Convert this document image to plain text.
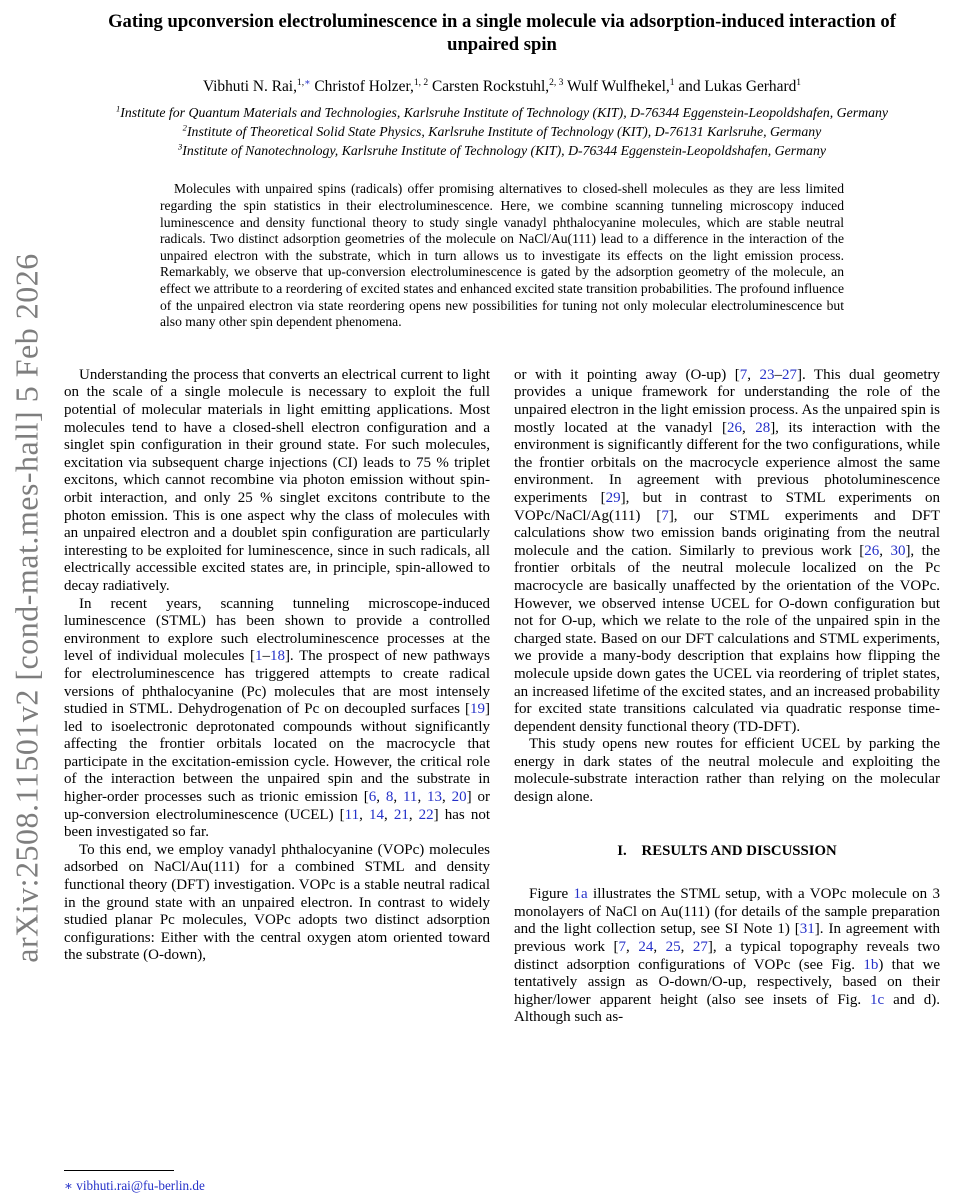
arXiv:2508.11501v2 [cond-mat.mes-hall] 5 Feb 2026
Gating upconversion electroluminescence in a single molecule via adsorption-induced interaction of unpaired spin
Vibhuti N. Rai,$^{1,∗}$ Christof Holzer,$^{1, 2}$ Carsten Rockstuhl,$^{2, 3}$ Wulf Wulfhekel,$^1$ and Lukas Gerhard$^1$
$^1$Institute for Quantum Materials and Technologies, Karlsruhe Institute of Technology (KIT), D-76344 Eggenstein-Leopoldshafen, Germany
$^2$Institute of Theoretical Solid State Physics, Karlsruhe Institute of Technology (KIT), D-76131 Karlsruhe, Germany
$^3$Institute of Nanotechnology, Karlsruhe Institute of Technology (KIT), D-76344 Eggenstein-Leopoldshafen, Germany
Molecules with unpaired spins (radicals) offer promising alternatives to closed-shell molecules as they are less limited regarding the spin statistics in their electroluminescence. Here, we combine scanning tunneling microscopy induced luminescence and density functional theory to study single vanadyl phthalocyanine molecules, which are stable neutral radicals. Two distinct adsorption geometries of the molecule on NaCl/Au(111) lead to a difference in the interaction of the unpaired electron with the substrate, which in turn allows us to investigate its effects on the light emission process. Remarkably, we observe that up-conversion electroluminescence is gated by the adsorption geometry of the molecule, an effect we attribute to a reordering of excited states and enhanced excited state transition probabilities. The profound influence of the unpaired electron via state reordering opens new possibilities for tuning not only molecular electroluminescence but also many other spin dependent phenomena.

Understanding the process that converts an electrical current to light on the scale of a single molecule is necessary to exploit the full potential of molecular materials in light emitting applications. Most molecules tend to have a closed-shell electron configuration and a singlet spin configuration in their ground state. For such molecules, excitation via subsequent charge injections (CI) leads to 75 % triplet excitons, which cannot recombine via photon emission without spin-orbit interaction, and only 25 % singlet excitons contribute to the photon emission. This is one aspect why the class of molecules with an unpaired electron and a doublet spin configuration are particularly interesting to be exploited for luminescence, since in such radicals, all electrically accessible excited states are, in principle, spin-allowed to decay radiatively.

In recent years, scanning tunneling microscope-induced luminescence (STML) has been shown to provide a controlled environment to explore such electroluminescence processes at the level of individual molecules [1–18]. The prospect of new pathways for electroluminescence has triggered attempts to create radical versions of phthalocyanine (Pc) molecules that are most intensely studied in STML. Dehydrogenation of Pc on decoupled surfaces [19] led to isoelectronic deprotonated compounds without significantly affecting the frontier orbitals located on the macrocycle that participate in the excitation-emission cycle. However, the critical role of the interaction between the unpaired spin and the substrate in higher-order processes such as trionic emission [6, 8, 11, 13, 20] or up-conversion electroluminescence (UCEL) [11, 14, 21, 22] has not been investigated so far.

To this end, we employ vanadyl phthalocyanine (VOPc) molecules adsorbed on NaCl/Au(111) for a combined STML and density functional theory (DFT) investigation. VOPc is a stable neutral radical in the ground state with an unpaired electron. In contrast to widely studied planar Pc molecules, VOPc adopts two distinct adsorption configurations: Either with the central oxygen atom oriented toward the substrate (O-down),

or with it pointing away (O-up) [7, 23–27]. This dual geometry provides a unique framework for understanding the role of the unpaired electron in the light emission process. As the unpaired spin is mostly located at the vanadyl [26, 28], its interaction with the environment is significantly different for the two configurations, while the frontier orbitals on the macrocycle experience almost the same environment. In agreement with previous photoluminescence experiments [29], but in contrast to STML experiments on VOPc/NaCl/Ag(111) [7], our STML experiments and DFT calculations show two emission bands originating from the neutral molecule and the cation. Similarly to previous work [26, 30], the frontier orbitals of the neutral molecule localized on the Pc macrocycle are basically unaffected by the orientation of the VOPc. However, we observed intense UCEL for O-down configuration but not for O-up, which we relate to the role of the unpaired spin in the charged state. Based on our DFT calculations and STML experiments, we provide a many-body description that explains how flipping the molecule upside down gates the UCEL via reordering of triplet states, an increased lifetime of the excited states, and an increased probability for excited state transitions calculated via quadratic response time-dependent density functional theory (TD-DFT).

This study opens new routes for efficient UCEL by parking the energy in dark states of the neutral molecule and exploiting the molecule-substrate interaction rather than relying on the molecular design alone.

I. RESULTS AND DISCUSSION

Figure 1a illustrates the STML setup, with a VOPc molecule on 3 monolayers of NaCl on Au(111) (for details of the sample preparation and the light collection setup, see SI Note 1) [31]. In agreement with previous work [7, 24, 25, 27], a typical topography reveals two distinct adsorption configurations of VOPc (see Fig. 1b) that we tentatively assign as O-down/O-up, respectively, based on their higher/lower apparent height (also see insets of Fig. 1c and d). Although such as-

∗ vibhuti.rai@fu-berlin.de
